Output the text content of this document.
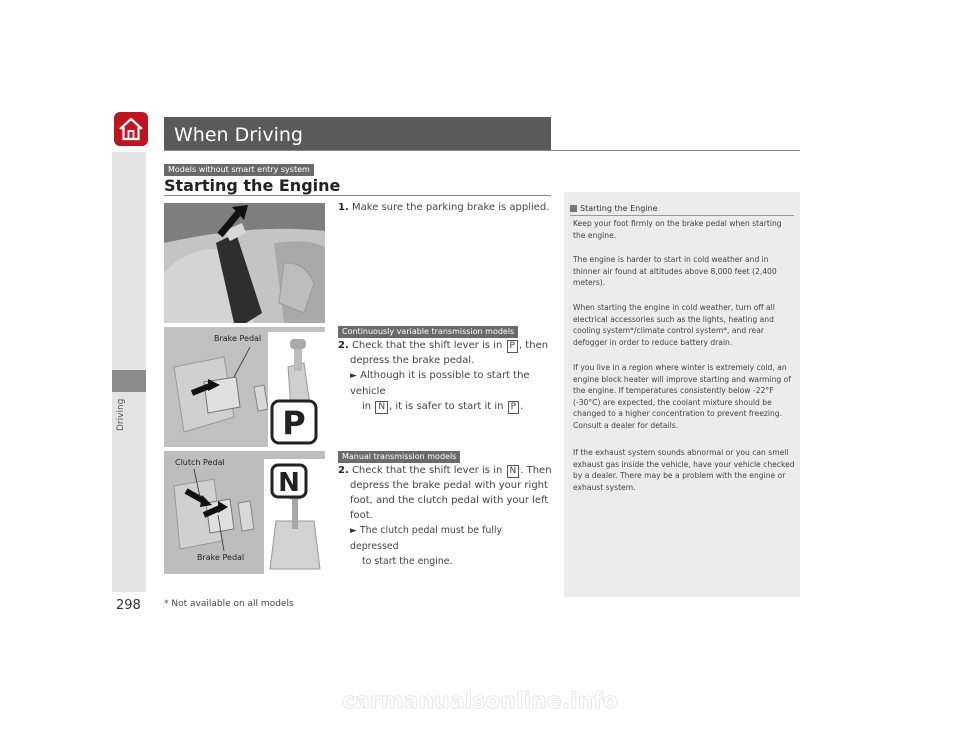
Driving
When Driving
Models without smart entry system
Starting the Engine
P
Brake Pedal
N
Clutch Pedal
Brake Pedal
1. Make sure the parking brake is applied.
Continuously variable transmission models
2. Check that the shift lever is in P , then
depress the brake pedal.
► Although it is possible to start the vehicle
in N , it is safer to start it in P .
Manual transmission models
2. Check that the shift lever is in N . Then
depress the brake pedal with your right
foot, and the clutch pedal with your left
foot.
► The clutch pedal must be fully depressed
to start the engine.
Starting the Engine
Keep your foot firmly on the brake pedal when starting the engine.
The engine is harder to start in cold weather and in thinner air found at altitudes above 8,000 feet (2,400 meters).
When starting the engine in cold weather, turn off all electrical accessories such as the lights, heating and cooling system*/climate control system*, and rear defogger in order to reduce battery drain.
If you live in a region where winter is extremely cold, an engine block heater will improve starting and warming of the engine. If temperatures consistently below -22°F (-30°C) are expected, the coolant mixture should be changed to a higher concentration to prevent freezing. Consult a dealer for details.
If the exhaust system sounds abnormal or you can smell exhaust gas inside the vehicle, have your vehicle checked by a dealer. There may be a problem with the engine or exhaust system.
298	* Not available on all models
carmanualsonline.info
